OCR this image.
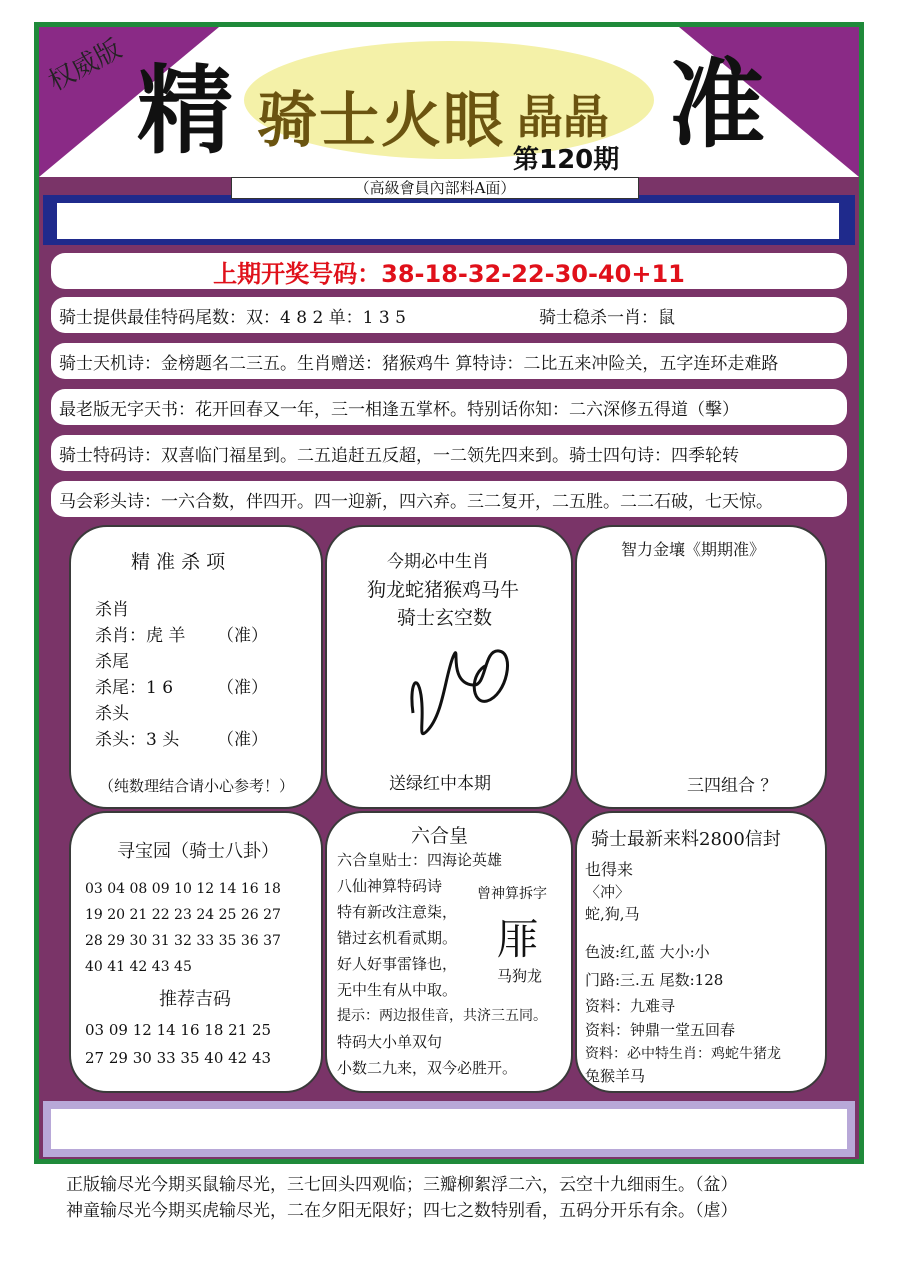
权威版 精 骑士火眼 晶晶 准
第120期
（高級會員內部料A面）
上期开奖号码：38-18-32-22-30-40+11
骑士提供最佳特码尾数：双：4 8 2 单：1 3 5	骑士稳杀一肖：鼠
骑士天机诗：金榜题名二三五。生肖赠送：猪猴鸡牛 算特诗：二比五来冲险关，五字连环走难路
最老版无字天书：花开回春又一年，三一相逢五掌杯。特别话你知：二六深修五得道（擊）
骑士特码诗：双喜临门福星到。二五追赶五反超，一二领先四来到。骑士四句诗：四季轮转
马会彩头诗：一六合数，伴四开。四一迎新，四六弃。三二复开，二五胜。二二石破，七天惊。
精 准 杀 项
杀肖
杀肖：虎 羊 （准）
杀尾
杀尾：1 6	（准）
杀头
杀头：3 头 （准）
（纯数理结合请小心参考！）
今期必中生肖
狗龙蛇猪猴鸡马牛
骑士玄空数
送绿红中本期
智力金壤《期期准》
三四组合 ？
寻宝园（骑士八卦）
03 04 08 09 10 12 14 16 18
19 20 21 22 23 24 25 26 27
28 29 30 31 32 33 35 36 37
40 41 42 43 45
推荐吉码
03 09 12 14 16 18 21 25
27 29 30 33 35 40 42 43
六合皇
六合皇贴士：四海论英雄
八仙神算特码诗
特有新改注意柒，
错过玄机看贰期。
好人好事雷锋也，
无中生有从中取。
提示：两边报佳音，共济三五同。
特码大小单双句
小数二九来，双今必胜开。
曾神算拆字
厞
马狗龙
骑士最新来料2800信封
也得来
〈冲〉
蛇,狗,马
色波:红,蓝 大小:小
门路:三.五 尾数:128
资料：九难寻
资料：钟鼎一堂五回春
资料：必中特生肖：鸡蛇牛猪龙
兔猴羊马
正版输尽光今期买鼠输尽光，三七回头四观临；三瓣柳絮浮二六，云空十九细雨生。（盆）
神童输尽光今期买虎输尽光，二在夕阳无限好；四七之数特别看，五码分开乐有余。（虐）
